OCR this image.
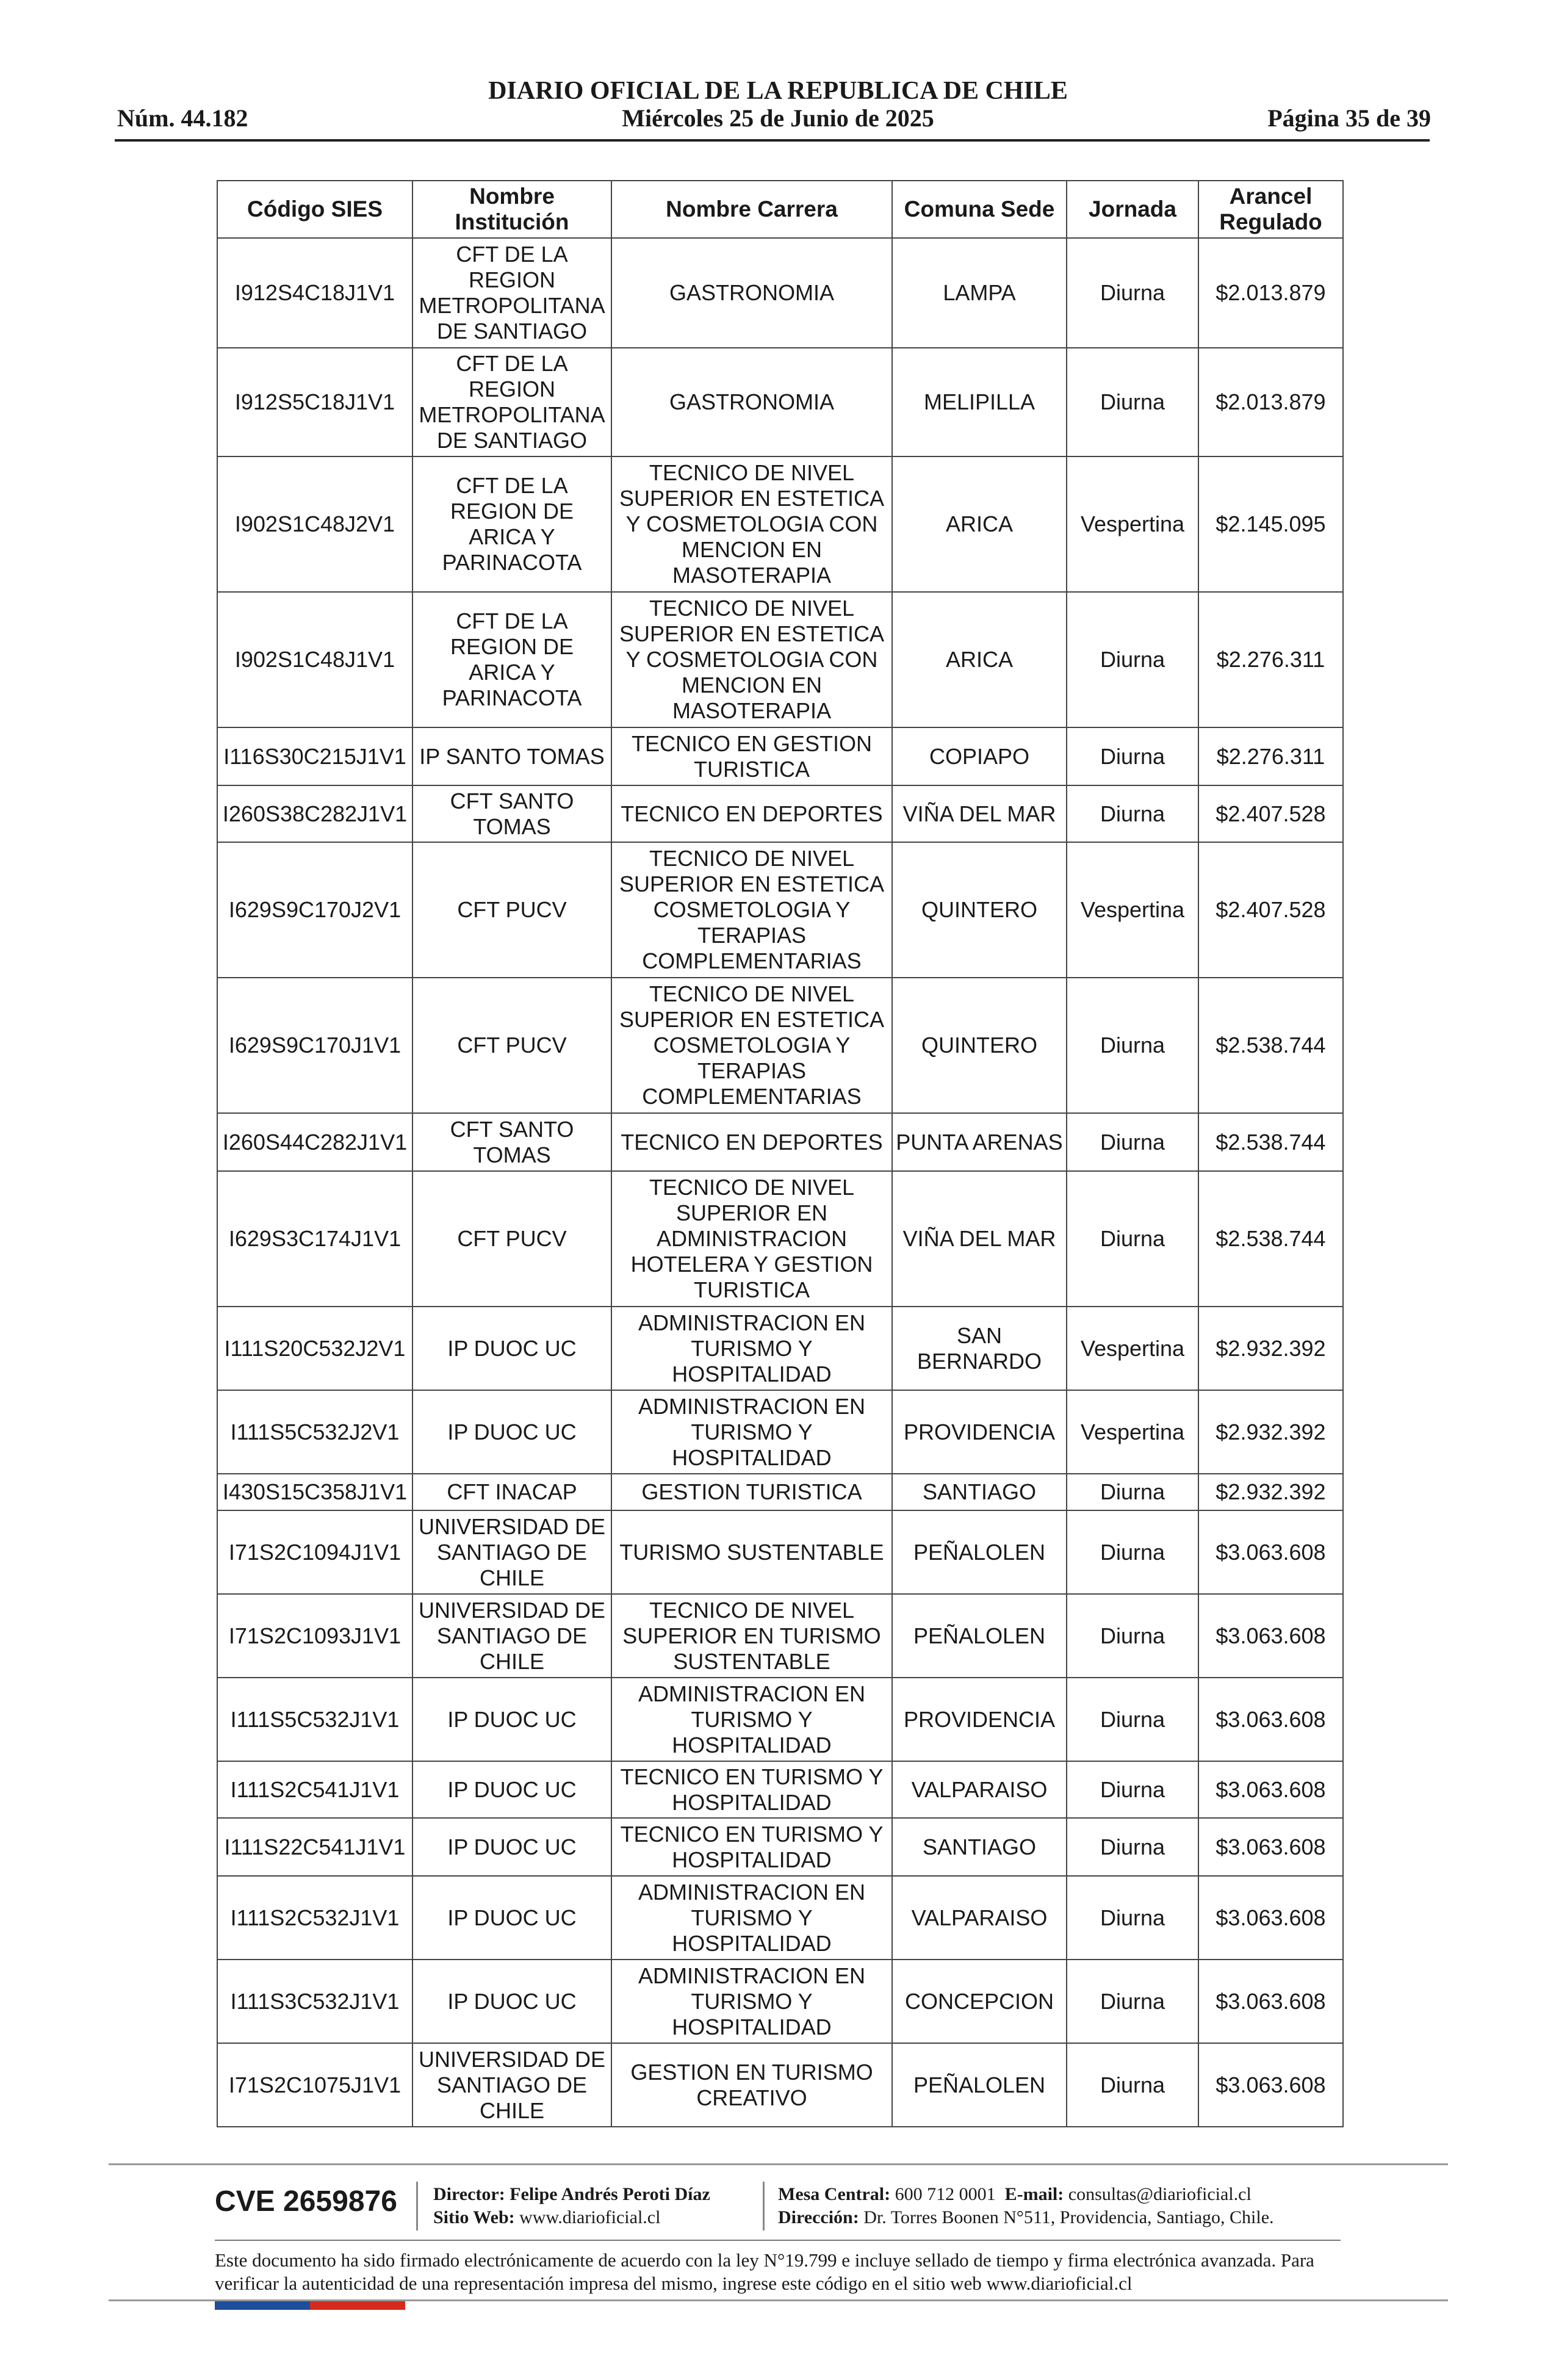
DIARIO OFICIAL DE LA REPUBLICA DE CHILE
Núm. 44.182	Miércoles 25 de Junio de 2025	Página 35 de 39
Código SIES	Nombre Institución	Nombre Carrera	Comuna Sede	Jornada	Arancel Regulado
I912S4C18J1V1	CFT DE LA REGION METROPOLITANA DE SANTIAGO	GASTRONOMIA	LAMPA	Diurna	$2.013.879
I912S5C18J1V1	CFT DE LA REGION METROPOLITANA DE SANTIAGO	GASTRONOMIA	MELIPILLA	Diurna	$2.013.879
I902S1C48J2V1	CFT DE LA REGION DE ARICA Y PARINACOTA	TECNICO DE NIVEL SUPERIOR EN ESTETICA Y COSMETOLOGIA CON MENCION EN MASOTERAPIA	ARICA	Vespertina	$2.145.095
I902S1C48J1V1	CFT DE LA REGION DE ARICA Y PARINACOTA	TECNICO DE NIVEL SUPERIOR EN ESTETICA Y COSMETOLOGIA CON MENCION EN MASOTERAPIA	ARICA	Diurna	$2.276.311
I116S30C215J1V1	IP SANTO TOMAS	TECNICO EN GESTION TURISTICA	COPIAPO	Diurna	$2.276.311
I260S38C282J1V1	CFT SANTO TOMAS	TECNICO EN DEPORTES	VIÑA DEL MAR	Diurna	$2.407.528
I629S9C170J2V1	CFT PUCV	TECNICO DE NIVEL SUPERIOR EN ESTETICA COSMETOLOGIA Y TERAPIAS COMPLEMENTARIAS	QUINTERO	Vespertina	$2.407.528
I629S9C170J1V1	CFT PUCV	TECNICO DE NIVEL SUPERIOR EN ESTETICA COSMETOLOGIA Y TERAPIAS COMPLEMENTARIAS	QUINTERO	Diurna	$2.538.744
I260S44C282J1V1	CFT SANTO TOMAS	TECNICO EN DEPORTES	PUNTA ARENAS	Diurna	$2.538.744
I629S3C174J1V1	CFT PUCV	TECNICO DE NIVEL SUPERIOR EN ADMINISTRACION HOTELERA Y GESTION TURISTICA	VIÑA DEL MAR	Diurna	$2.538.744
I111S20C532J2V1	IP DUOC UC	ADMINISTRACION EN TURISMO Y HOSPITALIDAD	SAN BERNARDO	Vespertina	$2.932.392
I111S5C532J2V1	IP DUOC UC	ADMINISTRACION EN TURISMO Y HOSPITALIDAD	PROVIDENCIA	Vespertina	$2.932.392
I430S15C358J1V1	CFT INACAP	GESTION TURISTICA	SANTIAGO	Diurna	$2.932.392
I71S2C1094J1V1	UNIVERSIDAD DE SANTIAGO DE CHILE	TURISMO SUSTENTABLE	PEÑALOLEN	Diurna	$3.063.608
I71S2C1093J1V1	UNIVERSIDAD DE SANTIAGO DE CHILE	TECNICO DE NIVEL SUPERIOR EN TURISMO SUSTENTABLE	PEÑALOLEN	Diurna	$3.063.608
I111S5C532J1V1	IP DUOC UC	ADMINISTRACION EN TURISMO Y HOSPITALIDAD	PROVIDENCIA	Diurna	$3.063.608
I111S2C541J1V1	IP DUOC UC	TECNICO EN TURISMO Y HOSPITALIDAD	VALPARAISO	Diurna	$3.063.608
I111S22C541J1V1	IP DUOC UC	TECNICO EN TURISMO Y HOSPITALIDAD	SANTIAGO	Diurna	$3.063.608
I111S2C532J1V1	IP DUOC UC	ADMINISTRACION EN TURISMO Y HOSPITALIDAD	VALPARAISO	Diurna	$3.063.608
I111S3C532J1V1	IP DUOC UC	ADMINISTRACION EN TURISMO Y HOSPITALIDAD	CONCEPCION	Diurna	$3.063.608
I71S2C1075J1V1	UNIVERSIDAD DE SANTIAGO DE CHILE	GESTION EN TURISMO CREATIVO	PEÑALOLEN	Diurna	$3.063.608
CVE 2659876 Director: Felipe Andrés Peroti Díaz
Sitio Web: www.diarioficial.cl
Mesa Central: 600 712 0001 E-mail: consultas@diarioficial.cl
Dirección: Dr. Torres Boonen N°511, Providencia, Santiago, Chile.
Este documento ha sido firmado electrónicamente de acuerdo con la ley N°19.799 e incluye sellado de tiempo y firma electrónica avanzada. Para verificar la autenticidad de una representación impresa del mismo, ingrese este código en el sitio web www.diarioficial.cl
